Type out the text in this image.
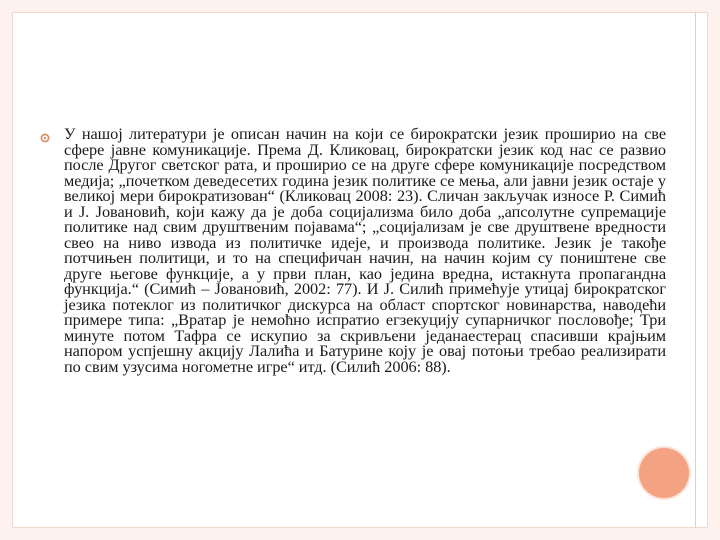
У нашој литератури је описан начин на који се бирократски језик проширио на све сфере јавне комуникације. Према Д. Кликовац, бирократски језик код нас се развио после Другог светског рата, и проширио се на друге сфере комуникације посредством медија; „почетком деведесетих година језик политике се мења, али јавни језик остаје у великој мери бирократизован“ (Кликовац 2008: 23). Сличан закључак износе Р. Симић и Ј. Јовановић, који кажу да је доба социјализма било доба „апсолутне супремације политике над свим друштвеним појавама“; „социјализам је све друштвене вредности свео на ниво извода из политичке идеје, и производа политике. Језик је такође потчињен политици, и то на специфичан начин, на начин којим су поништене све друге његове функције, а у први план, као једина вредна, истакнута пропагандна функција.“ (Симић – Јовановић, 2002: 77). И Ј. Силић примећује утицај бирократског језика потеклог из политичког дискурса на област спортског новинарства, наводећи примере типа: „Вратар је немоћно испратио егзекуцију супарничког пословође; Три минуте потом Тафра се искупио за скривљени једанаестерац спасивши крајњим напором успјешну акцију Лалића и Батурине коју је овај потоњи требао реализирати по свим узусима ногометне игре“ итд. (Силић 2006: 88).
